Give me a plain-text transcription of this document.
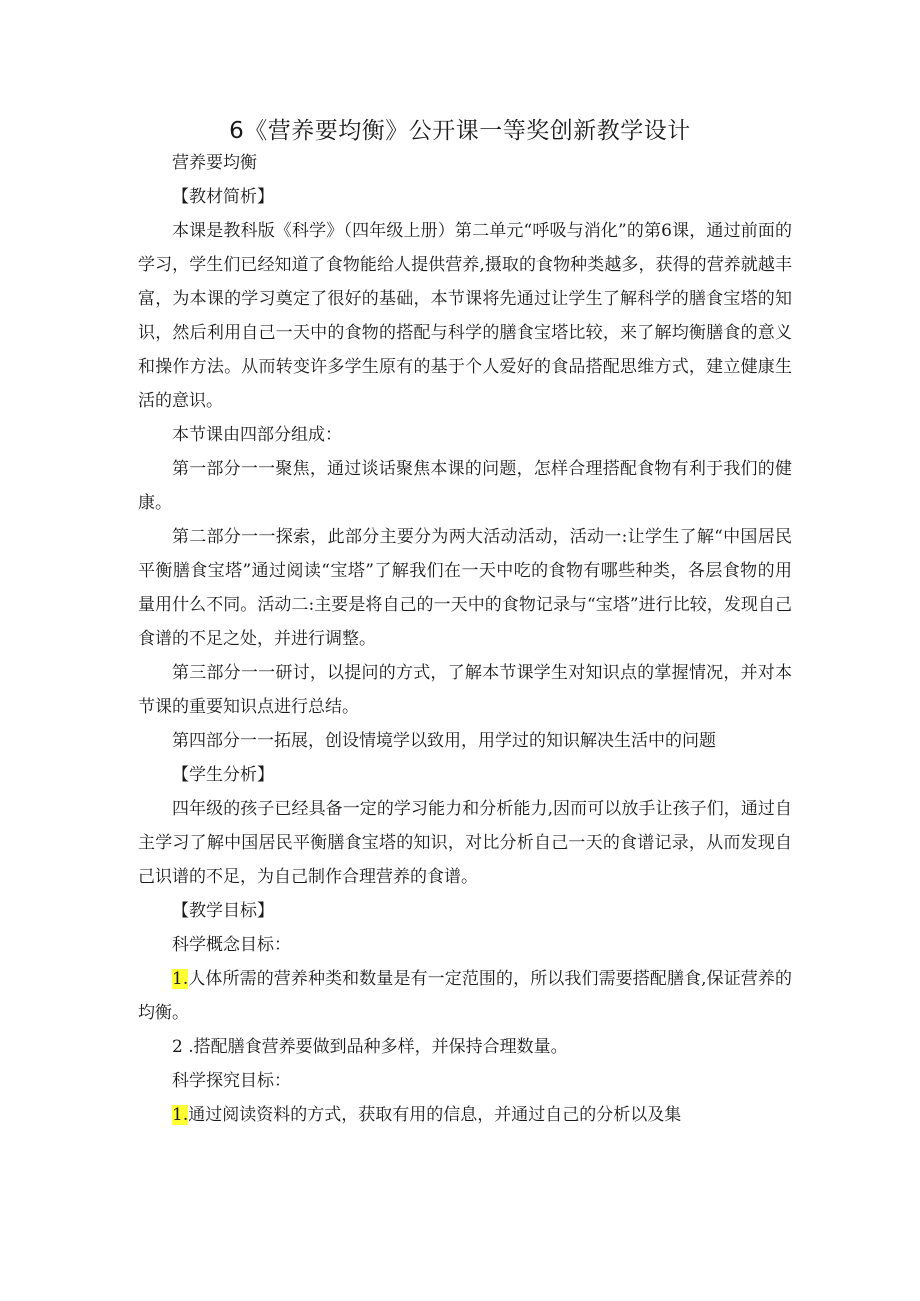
6《营养要均衡》公开课一等奖创新教学设计

营养要均衡

【教材简析】

本课是教科版《科学》（四年级上册）第二单元“呼吸与消化”的第6课，通过前面的学习，学生们已经知道了食物能给人提供营养,摄取的食物种类越多，获得的营养就越丰富，为本课的学习奠定了很好的基础，本节课将先通过让学生了解科学的膳食宝塔的知识，然后利用自己一天中的食物的搭配与科学的膳食宝塔比较，来了解均衡膳食的意义和操作方法。从而转变许多学生原有的基于个人爱好的食品搭配思维方式，建立健康生活的意识。

本节课由四部分组成：

第一部分一一聚焦，通过谈话聚焦本课的问题，怎样合理搭配食物有利于我们的健康。

第二部分一一探索，此部分主要分为两大活动活动，活动一:让学生了解“中国居民平衡膳食宝塔”通过阅读“宝塔”了解我们在一天中吃的食物有哪些种类，各层食物的用量用什么不同。活动二:主要是将自己的一天中的食物记录与“宝塔”进行比较，发现自己食谱的不足之处，并进行调整。

第三部分一一研讨，以提问的方式，了解本节课学生对知识点的掌握情况，并对本节课的重要知识点进行总结。

第四部分一一拓展，创设情境学以致用，用学过的知识解决生活中的问题

【学生分析】

四年级的孩子已经具备一定的学习能力和分析能力,因而可以放手让孩子们，通过自主学习了解中国居民平衡膳食宝塔的知识，对比分析自己一天的食谱记录，从而发现自己识谱的不足，为自己制作合理营养的食谱。

【教学目标】

科学概念目标：

1.人体所需的营养种类和数量是有一定范围的，所以我们需要搭配膳食,保证营养的均衡。

2 .搭配膳食营养要做到品种多样，并保持合理数量。

科学探究目标：

1.通过阅读资料的方式，获取有用的信息，并通过自己的分析以及集
